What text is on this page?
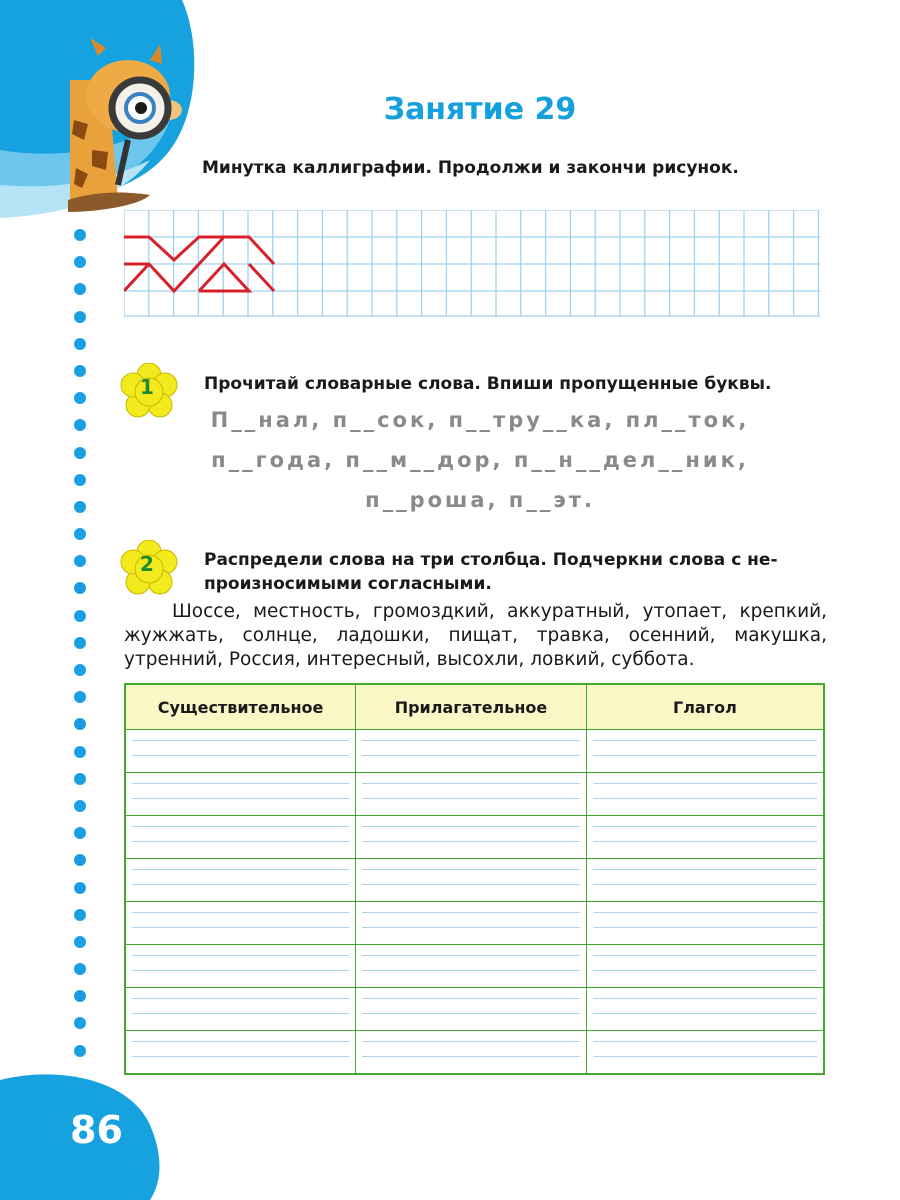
Занятие 29
Минутка каллиграфии. Продолжи и закончи рисунок.
1	Прочитай словарные слова. Впиши пропущенные буквы.
П__нал, п__сок, п__тру__ка, пл__ток,
п__года, п__м__дор, п__н__дел__ник,
п__роша, п__эт.
2	Распредели слова на три столбца. Подчеркни слова с не-
произносимыми согласными.
Шоссе, местность, громоздкий, аккуратный, утопает, крепкий, жужжать, солнце, ладошки, пищат, травка, осенний, макушка, утренний, Россия, интересный, высохли, ловкий, суббота.
Существительное	Прилагательное	Глагол

86
